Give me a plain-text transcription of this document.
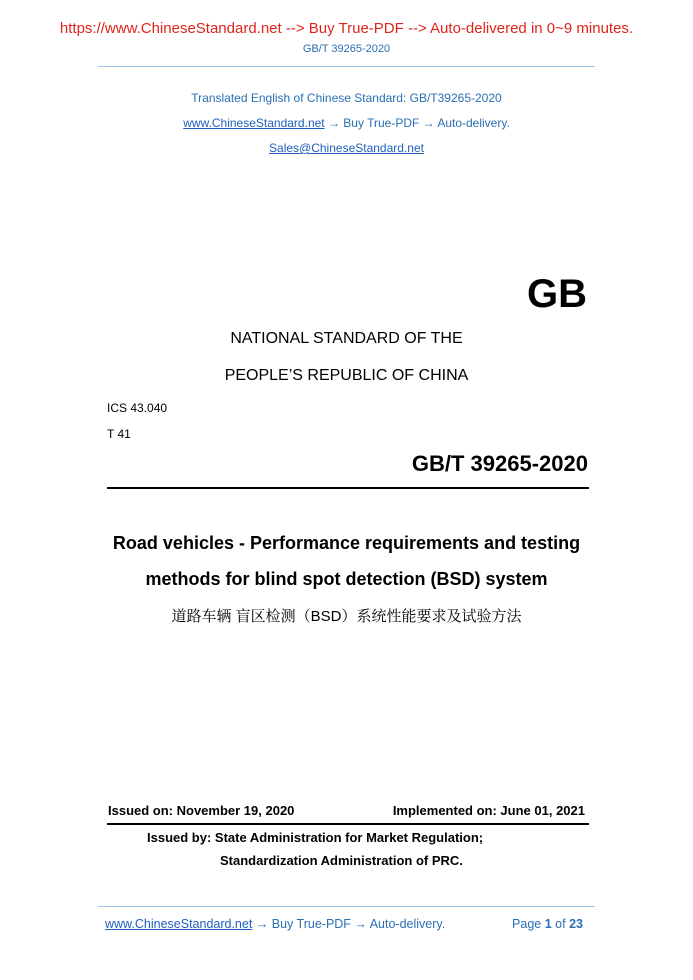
https://www.ChineseStandard.net --> Buy True-PDF --> Auto-delivered in 0~9 minutes.
GB/T 39265-2020
Translated English of Chinese Standard: GB/T39265-2020
www.ChineseStandard.net → Buy True-PDF → Auto-delivery.
Sales@ChineseStandard.net
GB
NATIONAL STANDARD OF THE
PEOPLE’S REPUBLIC OF CHINA
ICS 43.040
T 41
GB/T 39265-2020
Road vehicles - Performance requirements and testing
methods for blind spot detection (BSD) system
道路车辆 盲区检测（BSD）系统性能要求及试验方法
Issued on: November 19, 2020	Implemented on: June 01, 2021
Issued by: State Administration for Market Regulation;
Standardization Administration of PRC.
www.ChineseStandard.net → Buy True-PDF → Auto-delivery.	Page 1 of 23
